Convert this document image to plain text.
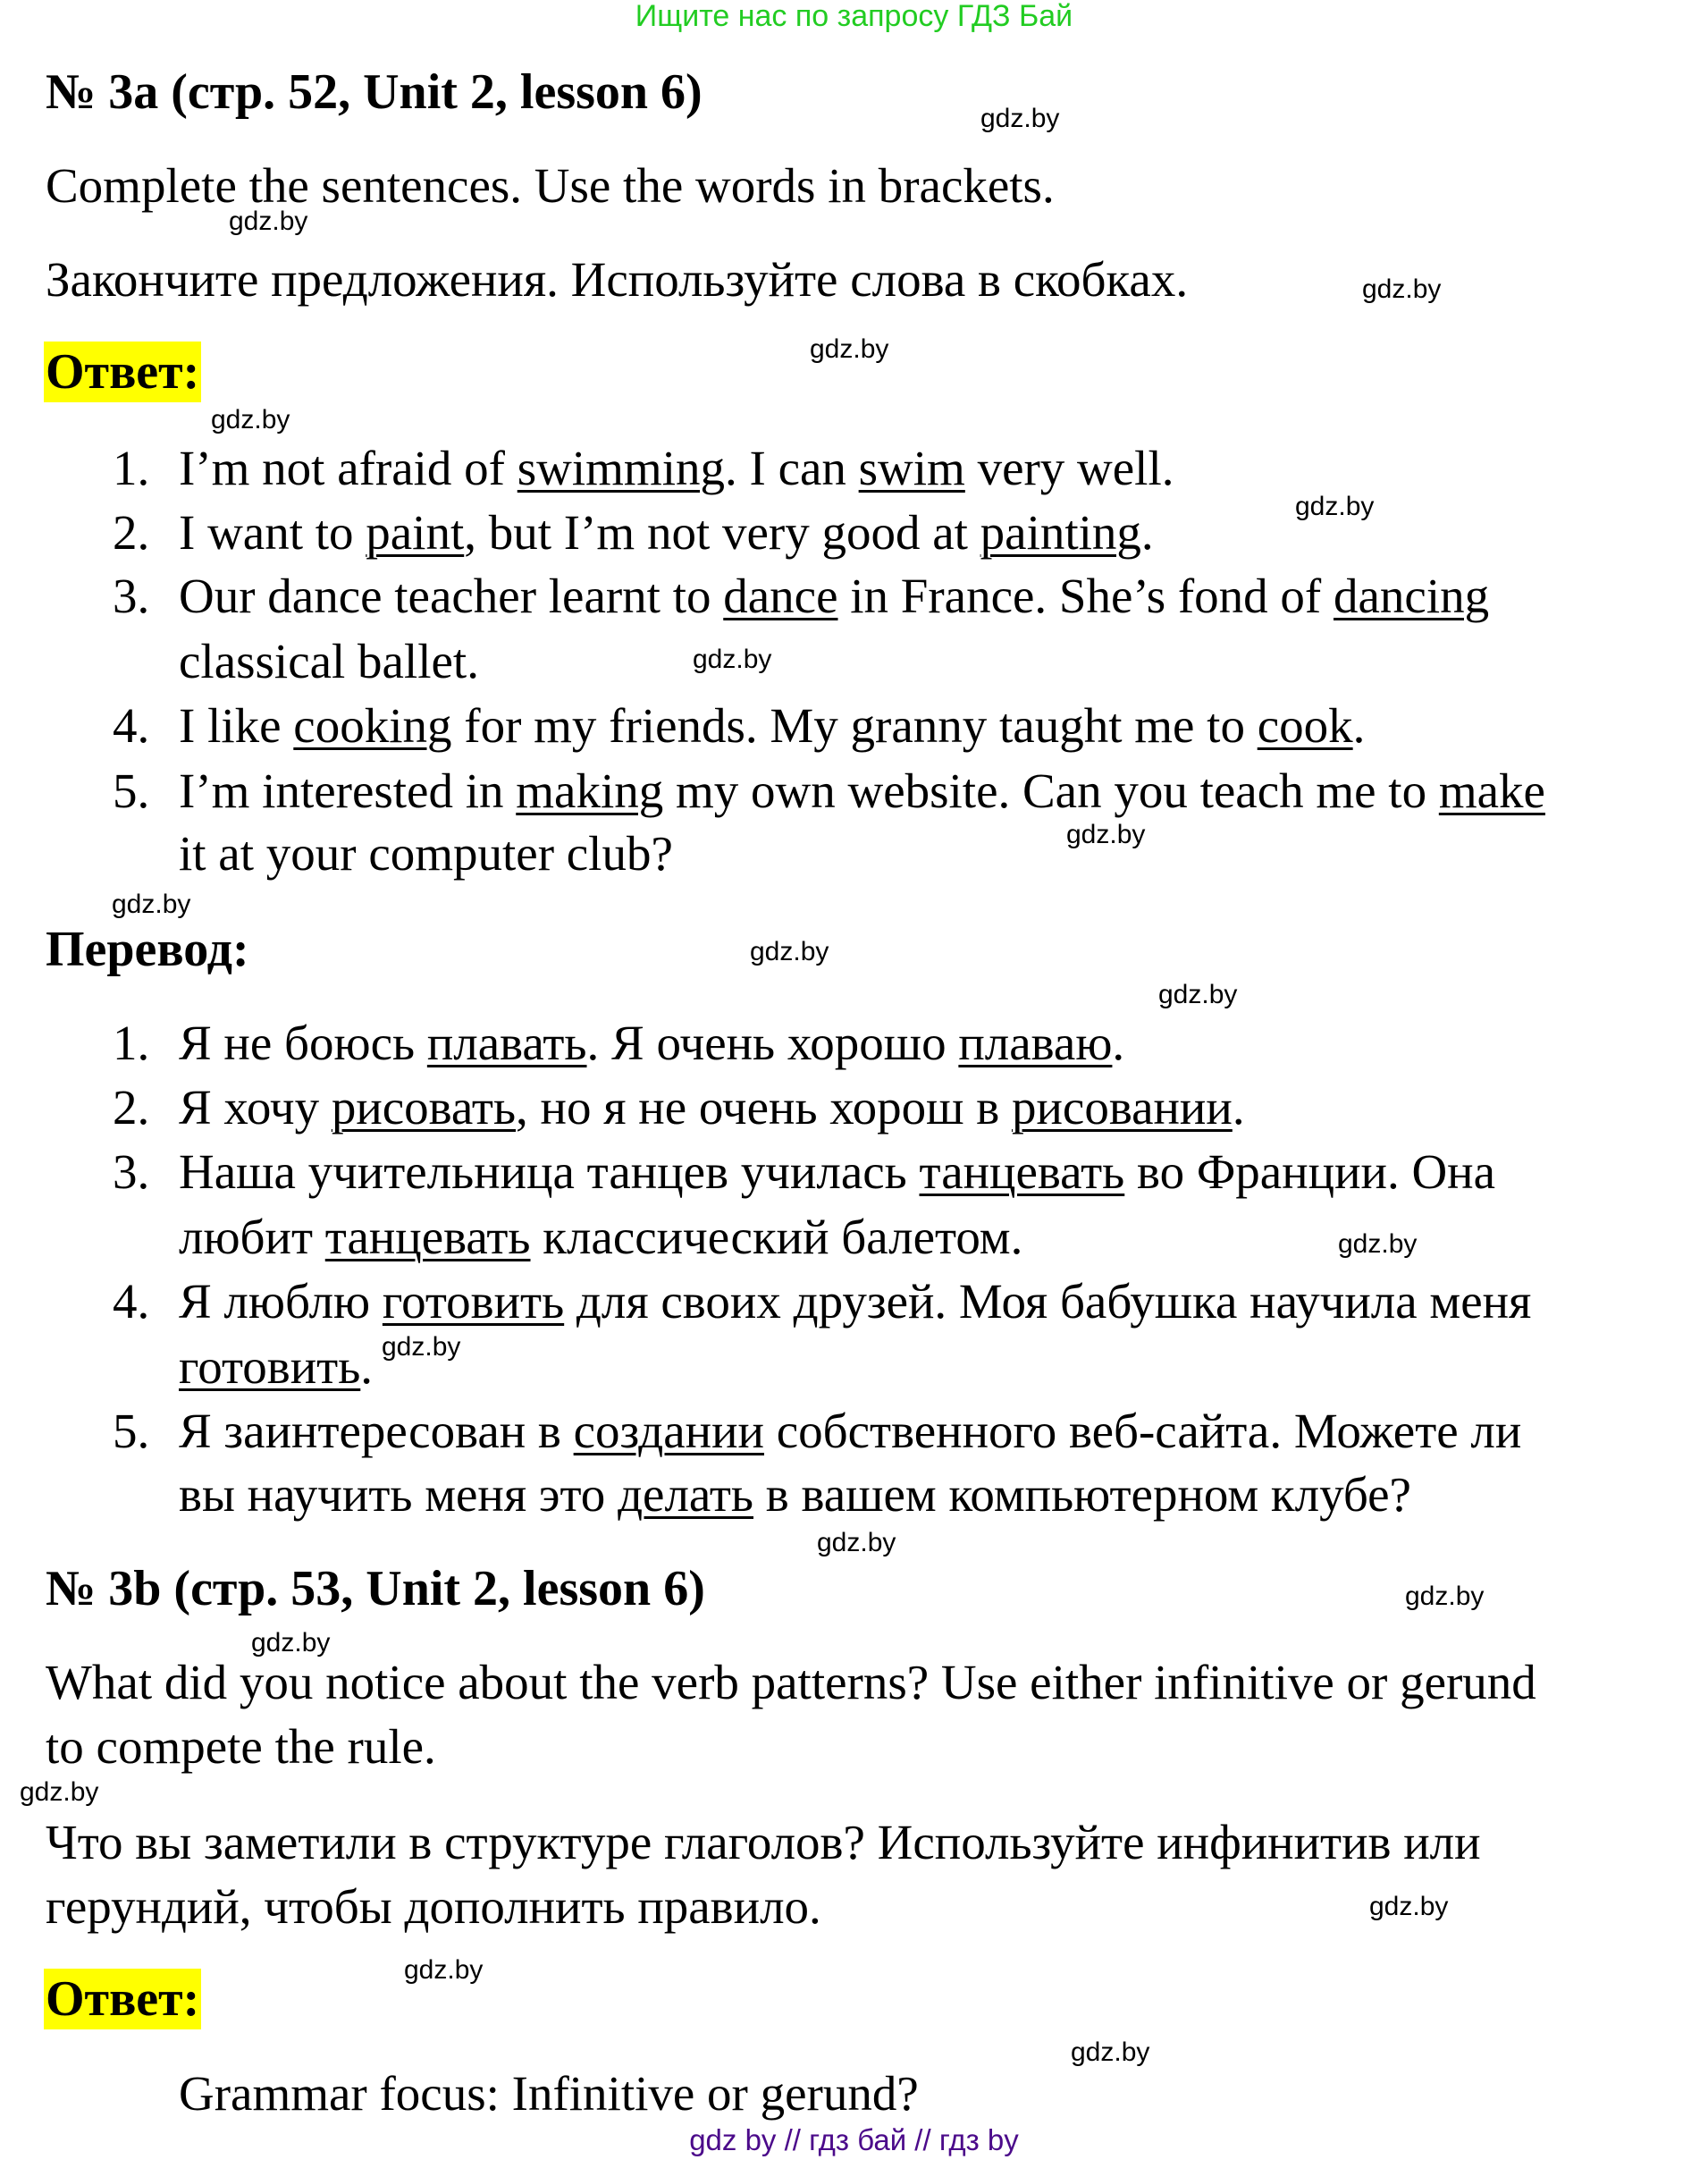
Ищите нас по запросу ГДЗ Бай
№ 3a (стр. 52, Unit 2, lesson 6)
Complete the sentences. Use the words in brackets.
Закончите предложения. Используйте слова в скобках.
Ответ:
1. I’m not afraid of swimming. I can swim very well.
2. I want to paint, but I’m not very good at painting.
3. Our dance teacher learnt to dance in France. She’s fond of dancing
classical ballet.
4. I like cooking for my friends. My granny taught me to cook.
5. I’m interested in making my own website. Can you teach me to make
it at your computer club?
Перевод:
1. Я не боюсь плавать. Я очень хорошо плаваю.
2. Я хочу рисовать, но я не очень хорош в рисовании.
3. Наша учительница танцев училась танцевать во Франции. Она
любит танцевать классический балетом.
4. Я люблю готовить для своих друзей. Моя бабушка научила меня
готовить.
5. Я заинтересован в создании собственного веб-сайта. Можете ли
вы научить меня это делать в вашем компьютерном клубе?
№ 3b (стр. 53, Unit 2, lesson 6)
What did you notice about the verb patterns? Use either infinitive or gerund
to compete the rule.
Что вы заметили в структуре глаголов? Используйте инфинитив или
герундий, чтобы дополнить правило.
Ответ:
Grammar focus: Infinitive or gerund?
gdz by // гдз бай // гдз by
gdz.by
gdz.by
gdz.by
gdz.by
gdz.by
gdz.by
gdz.by
gdz.by
gdz.by
gdz.by
gdz.by
gdz.by
gdz.by
gdz.by
gdz.by
gdz.by
gdz.by
gdz.by
gdz.by
gdz.by
